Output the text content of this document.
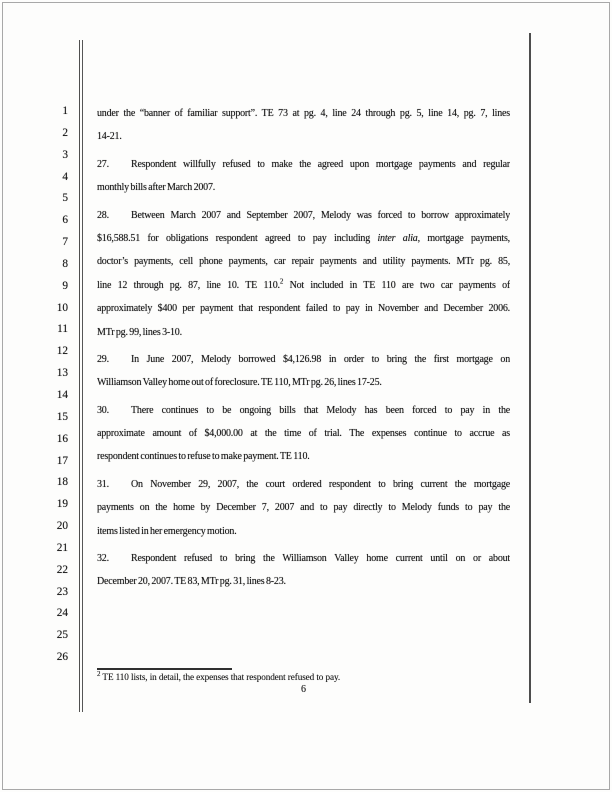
1
2
3
4
5
6
7
8
9
10
11
12
13
14
15
16
17
18
19
20
21
22
23
24
25
26
under the “banner of familiar support”. TE 73 at pg. 4, line 24 through pg. 5, line 14, pg. 7, lines
14-21.
27. Respondent willfully refused to make the agreed upon mortgage payments and regular
monthly bills after March 2007.
28. Between March 2007 and September 2007, Melody was forced to borrow approximately
$16,588.51 for obligations respondent agreed to pay including inter alia, mortgage payments,
doctor’s payments, cell phone payments, car repair payments and utility payments. MTr pg. 85,
line 12 through pg. 87, line 10. TE 110.$^2$ Not included in TE 110 are two car payments of
approximately $400 per payment that respondent failed to pay in November and December 2006.
MTr pg. 99, lines 3-10.
29. In June 2007, Melody borrowed $4,126.98 in order to bring the first mortgage on
Williamson Valley home out of foreclosure. TE 110, MTr pg. 26, lines 17-25.
30. There continues to be ongoing bills that Melody has been forced to pay in the
approximate amount of $4,000.00 at the time of trial. The expenses continue to accrue as
respondent continues to refuse to make payment. TE 110.
31. On November 29, 2007, the court ordered respondent to bring current the mortgage
payments on the home by December 7, 2007 and to pay directly to Melody funds to pay the
items listed in her emergency motion.
32. Respondent refused to bring the Williamson Valley home current until on or about
December 20, 2007. TE 83, MTr pg. 31, lines 8-23.
$^2$ TE 110 lists, in detail, the expenses that respondent refused to pay.
6
